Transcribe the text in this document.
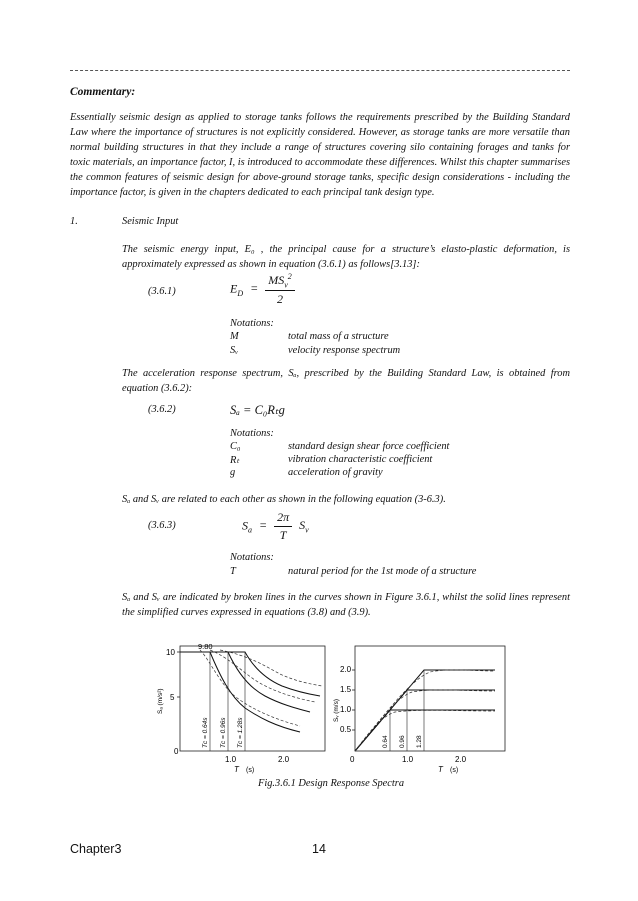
Commentary:
Essentially seismic design as applied to storage tanks follows the requirements prescribed by the Building Standard Law where the importance of structures is not explicitly considered. However, as storage tanks are more versatile than normal building structures in that they include a range of structures covering silo containing forages and tanks for toxic materials, an importance factor, I, is introduced to accommodate these differences. Whilst this chapter summarises the common features of seismic design for above-ground storage tanks, specific design considerations - including the importance factor, is given in the chapters dedicated to each principal tank design type.
1.	Seismic Input
The seismic energy input, E₀ , the principal cause for a structure’s elasto-plastic deformation, is approximately expressed as shown in equation (3.6.1) as follows[3.13]:
(3.6.1)	$E_D = \frac{MS_v^2}{2}$
Notations:
M	total mass of a structure
Sᵥ	velocity response spectrum
The acceleration response spectrum, Sₐ, prescribed by the Building Standard Law, is obtained from equation (3.6.2):
(3.6.2)	Sₐ = C₀Rₜg
Notations:
C₀	standard design shear force coefficient
Rₜ	vibration characteristic coefficient
g	acceleration of gravity
Sₐ and Sᵥ are related to each other as shown in the following equation (3-6.3).
(3.6.3)	$S_a = \frac{2\pi}{T} S_v$
Notations:
T	natural period for the 1st mode of a structure
Sₐ and Sᵥ are indicated by broken lines in the curves shown in Figure 3.6.1, whilst the solid lines represent the simplified curves expressed in equations (3.8) and (3.9).
10
5
0
1.0	2.0
9.80
Sₐ (m/s²)
T (s)
Tᴄ = 0.64s Tᴄ = 0.96s Tᴄ = 1.28s
2.0
1.5
1.0
0.5
0	1.0	2.0
Sᵥ (m/s)
T (s)
0.64 0.96 1.28
Fig.3.6.1 Design Response Spectra
Chapter3	14
